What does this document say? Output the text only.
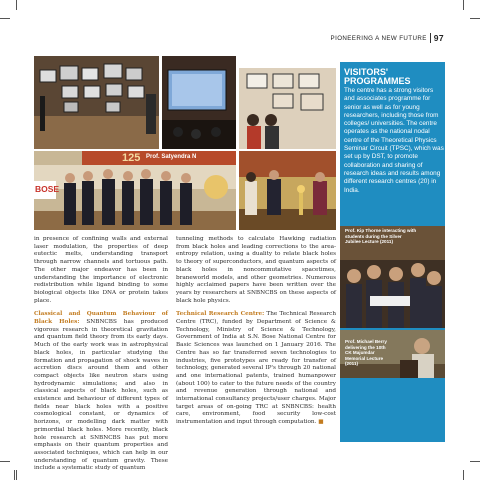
PIONEERING A NEW FUTURE 97
125 Prof. Satyendra N
BOSE
VISITORS'
PROGRAMMES
The centre has a strong visitors and associates programme for senior as well as for young researchers, including those from colleges/ universities. The centre operates as the national nodal centre of the Theoretical Physics Seminar Circuit (TPSC), which was set up by DST, to promote collaboration and sharing of research ideas and results among different research centres (20) in India.
Prof. Kip Thorne interacting with students during the Silver Jubilee Lecture (2011)
Prof. Michael Berry delivering the 10th CK Majumdar Memorial Lecture (2011)

in presence of confining walls and external laser modulation, the properties of deep eutectic melts, understanding transport through narrow channels and tortuous path. The other major endeavor has been in understanding the importance of electronic redistribution while ligand binding to some biological objects like DNA or protein takes place.

Classical and Quantum Behaviour of Black Holes: SNBNCBS has produced vigorous research in theoretical gravitation and quantum field theory from its early days. Much of the early work was in astrophysical black holes, in particular studying the formation and propagation of shock waves in accretion discs around them and other compact objects like neutron stars using hydrodynamic simulations; and also in classical aspects of black holes, such as existence and behaviour of different types of fields near black holes with a positive cosmological constant, or dynamics of horizons, or modelling dark matter with primordial black holes. More recently, black hole research at SNBNCBS has put more emphasis on their quantum properties and associated techniques, which can help in our understanding of quantum gravity. These include a systematic study of quantum

tunneling methods to calculate Hawking radiation from black holes and leading corrections to the area-entropy relation, using a duality to relate black holes to theory of superconductors, and quantum aspects of black holes in noncommutative spacetimes, braneworld models, and other geometries. Numerous highly acclaimed papers have been written over the years by researchers at SNBNCBS on these aspects of black hole physics.

Technical Research Centre: The Technical Research Centre (TRC), funded by Department of Science & Technology, Ministry of Science & Technology, Government of India at S.N. Bose National Centre for Basic Sciences was launched on 1 January 2016. The Centre has so far transferred seven technologies to industries, five prototypes are ready for transfer of technology, generated several IP's through 20 national and one international patents, trained humanpower (about 100) to cater to the future needs of the country and revenue generation through national and international consultancy projects/user charges. Major target areas of on-going TRC at SNBNCBS: health care, environment, food security low-cost instrumentation and input through computation. ■
